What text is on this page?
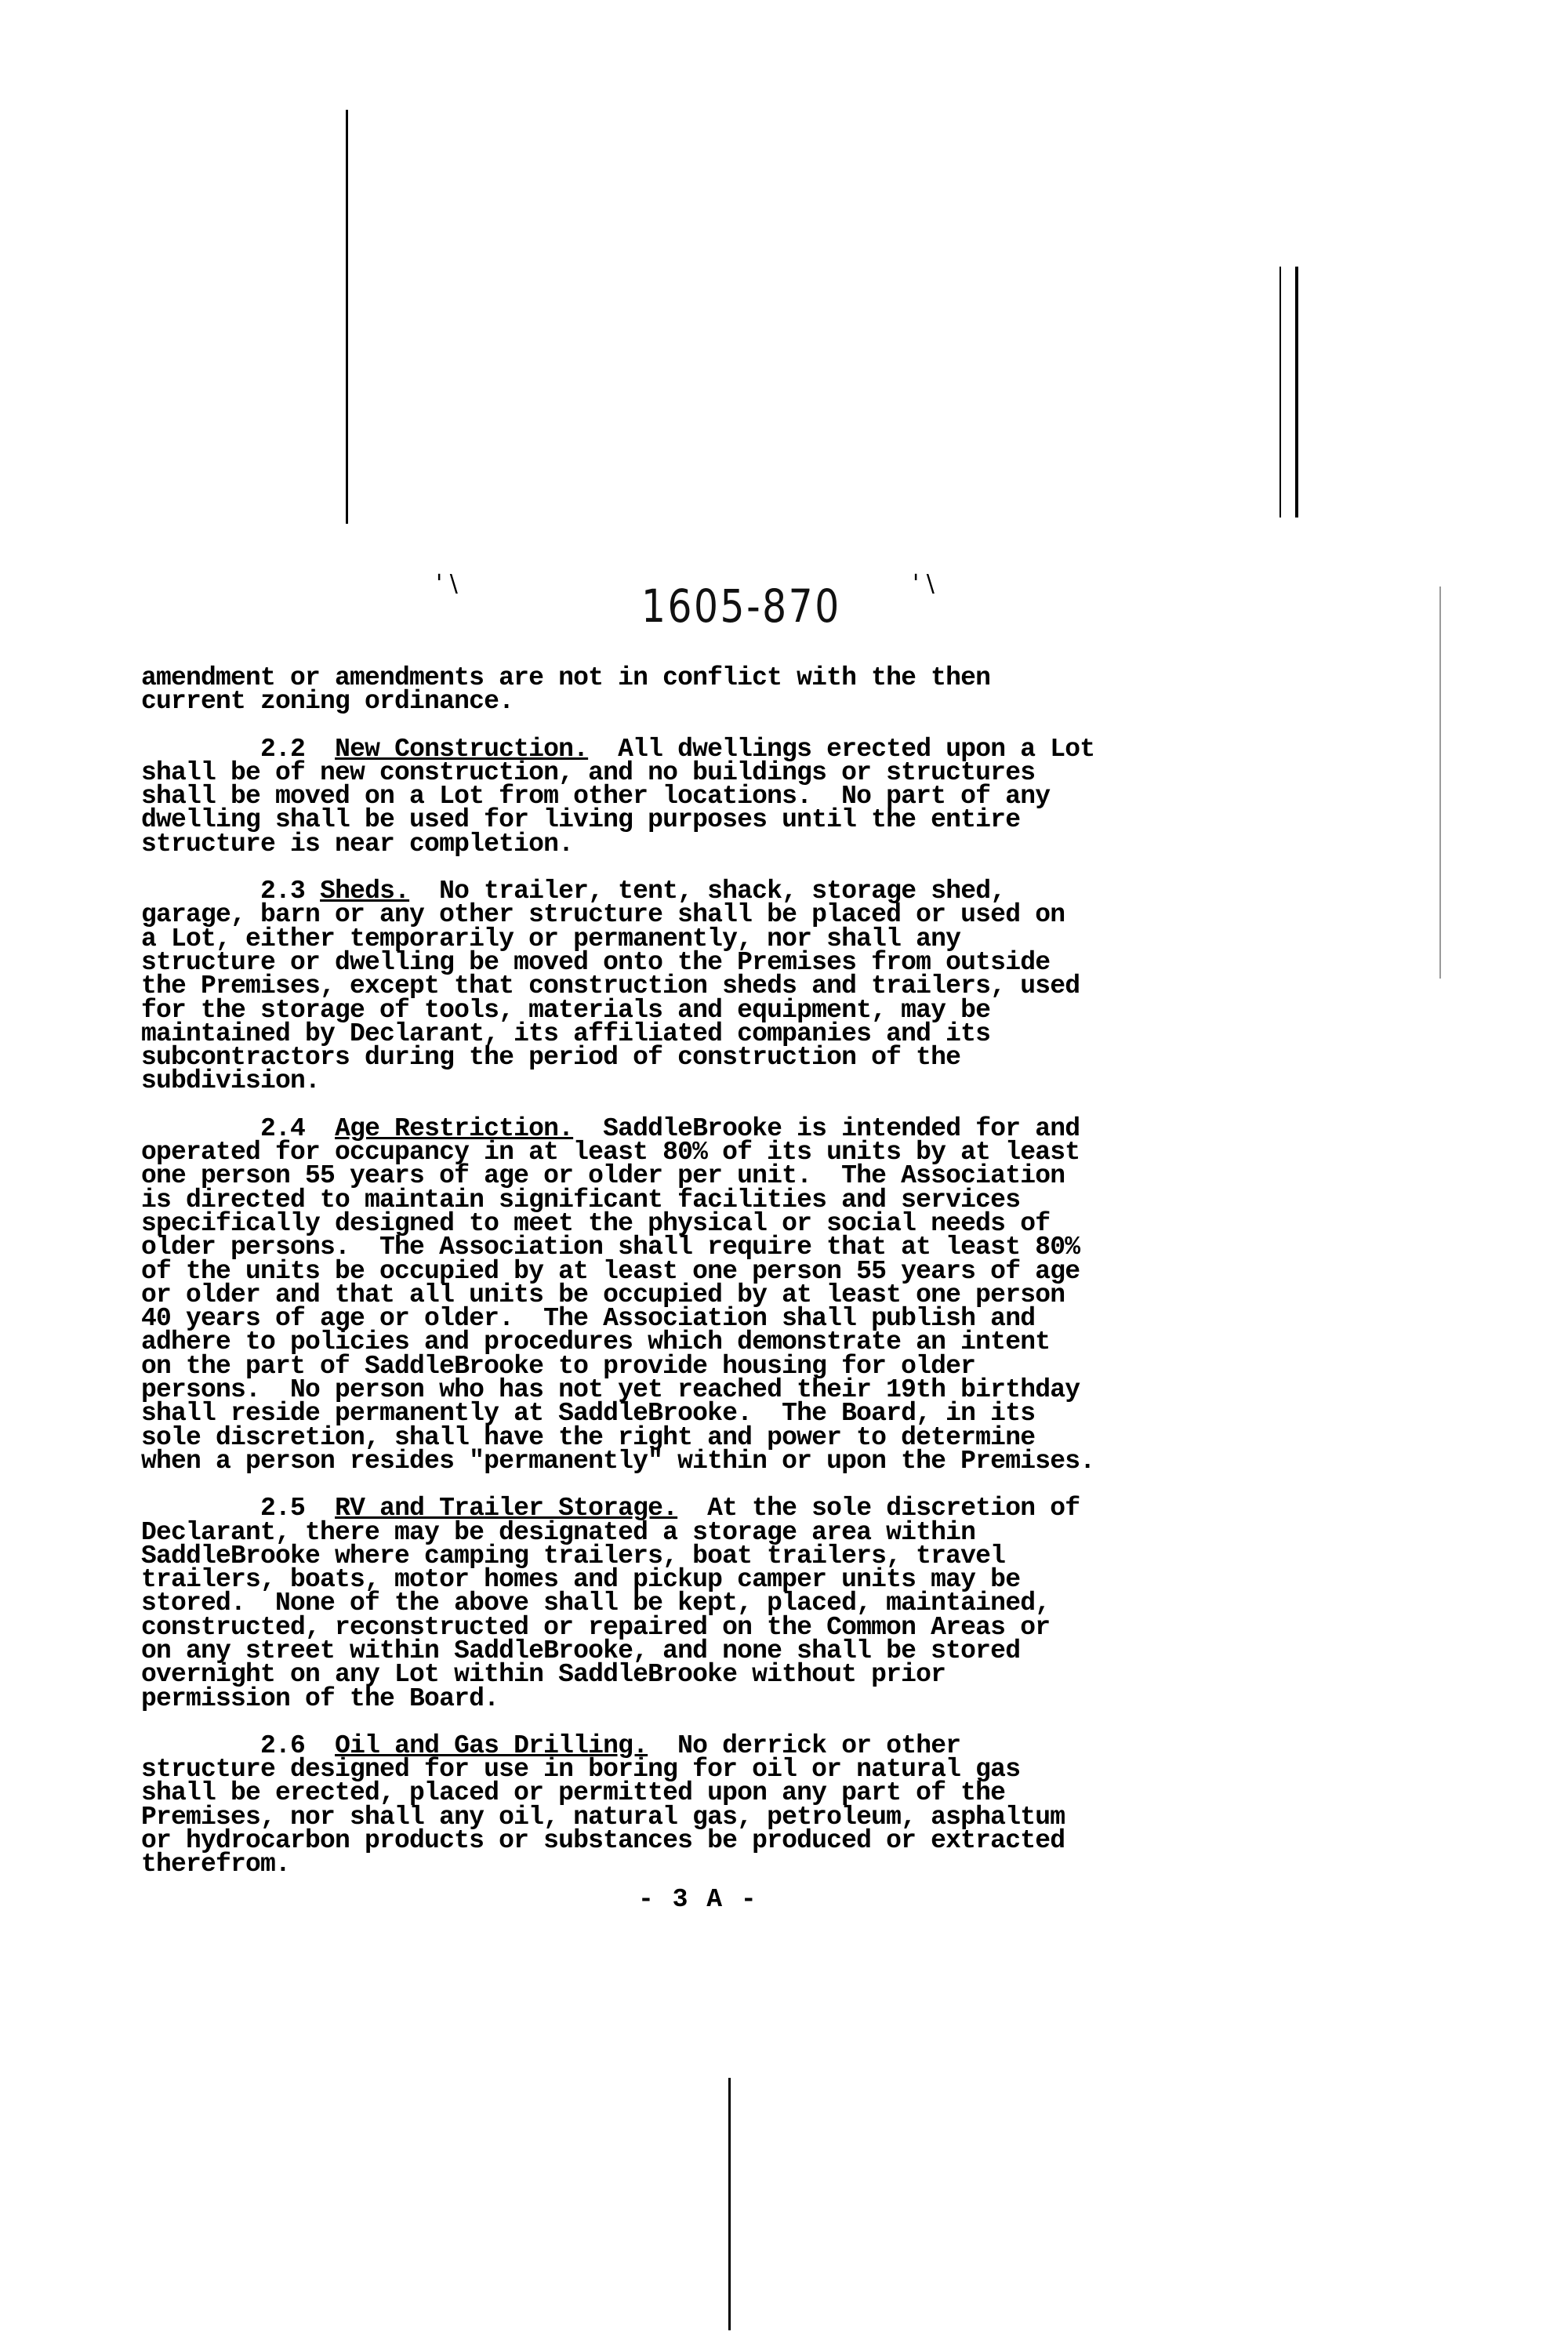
' \	' \
1605-870
amendment or amendments are not in conflict with the then
current zoning ordinance.
2.2 New Construction. All dwellings erected upon a Lot
shall be of new construction, and no buildings or structures
shall be moved on a Lot from other locations.  No part of any
dwelling shall be used for living purposes until the entire
structure is near completion.
2.3 Sheds. No trailer, tent, shack, storage shed,
garage, barn or any other structure shall be placed or used on
a Lot, either temporarily or permanently, nor shall any
structure or dwelling be moved onto the Premises from outside
the Premises, except that construction sheds and trailers, used
for the storage of tools, materials and equipment, may be
maintained by Declarant, its affiliated companies and its
subcontractors during the period of construction of the
subdivision.
2.4 Age Restriction. SaddleBrooke is intended for and
operated for occupancy in at least 80% of its units by at least
one person 55 years of age or older per unit.  The Association
is directed to maintain significant facilities and services
specifically designed to meet the physical or social needs of
older persons.  The Association shall require that at least 80%
of the units be occupied by at least one person 55 years of age
or older and that all units be occupied by at least one person
40 years of age or older.  The Association shall publish and
adhere to policies and procedures which demonstrate an intent
on the part of SaddleBrooke to provide housing for older
persons.  No person who has not yet reached their 19th birthday
shall reside permanently at SaddleBrooke.  The Board, in its
sole discretion, shall have the right and power to determine
when a person resides "permanently" within or upon the Premises.
2.5 RV and Trailer Storage. At the sole discretion of
Declarant, there may be designated a storage area within
SaddleBrooke where camping trailers, boat trailers, travel
trailers, boats, motor homes and pickup camper units may be
stored.  None of the above shall be kept, placed, maintained,
constructed, reconstructed or repaired on the Common Areas or
on any street within SaddleBrooke, and none shall be stored
overnight on any Lot within SaddleBrooke without prior
permission of the Board.
2.6 Oil and Gas Drilling. No derrick or other
structure designed for use in boring for oil or natural gas
shall be erected, placed or permitted upon any part of the
Premises, nor shall any oil, natural gas, petroleum, asphaltum
or hydrocarbon products or substances be produced or extracted
therefrom.
- 3 A -
